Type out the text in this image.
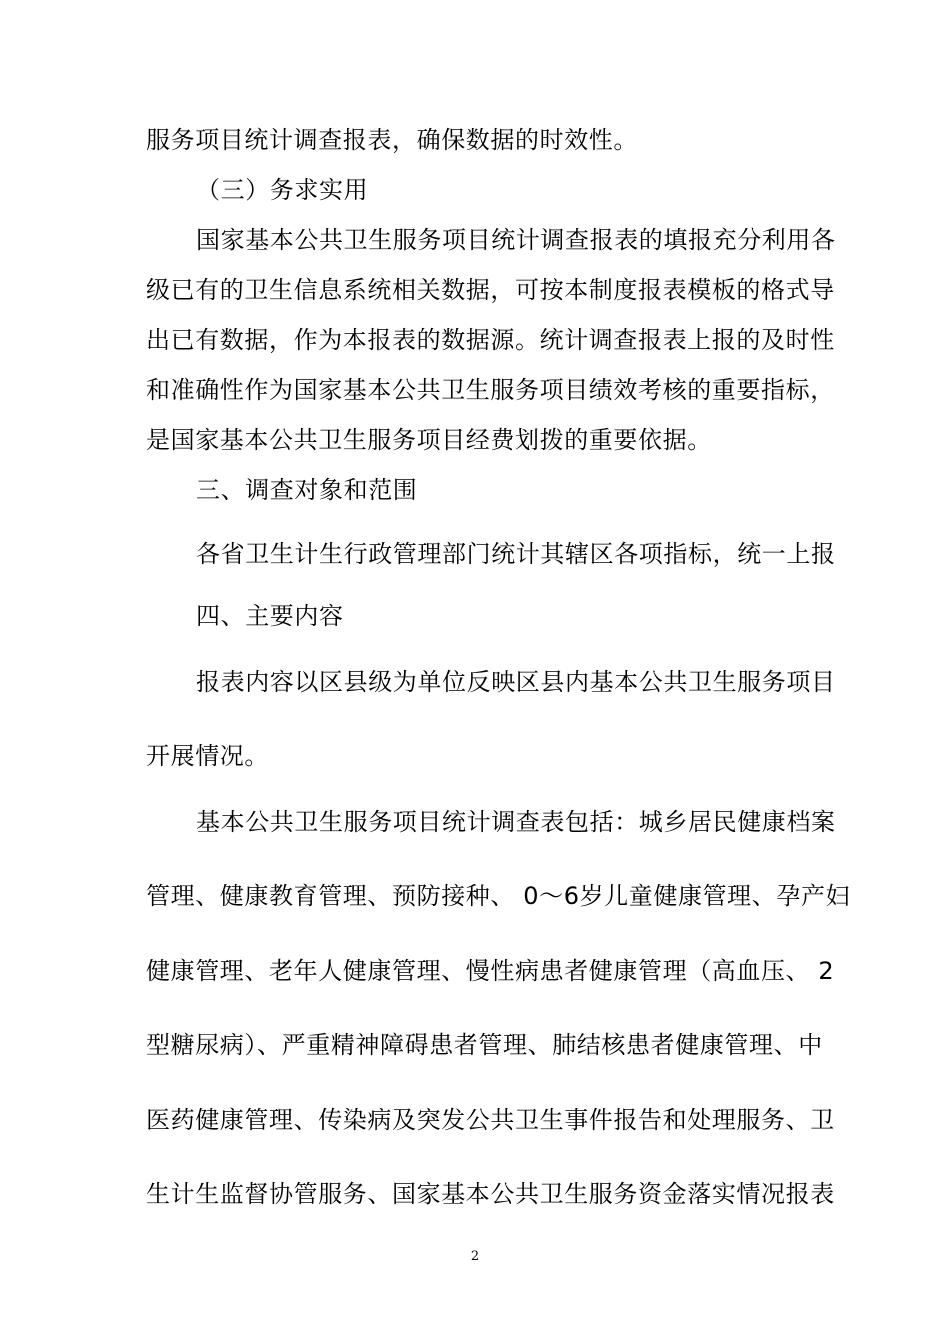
服务项目统计调查报表，确保数据的时效性。
（三）务求实用
国家基本公共卫生服务项目统计调查报表的填报充分利用各
级已有的卫生信息系统相关数据，可按本制度报表模板的格式导
出已有数据，作为本报表的数据源。统计调查报表上报的及时性
和准确性作为国家基本公共卫生服务项目绩效考核的重要指标，
是国家基本公共卫生服务项目经费划拨的重要依据。
三、调查对象和范围
各省卫生计生行政管理部门统计其辖区各项指标，统一上报
四、主要内容
报表内容以区县级为单位反映区县内基本公共卫生服务项目
开展情况。
基本公共卫生服务项目统计调查表包括：城乡居民健康档案
管理、健康教育管理、预防接种、 0～6岁儿童健康管理、孕产妇
健康管理、老年人健康管理、慢性病患者健康管理（高血压、 2
型糖尿病）、严重精神障碍患者管理、肺结核患者健康管理、中
医药健康管理、传染病及突发公共卫生事件报告和处理服务、卫
生计生监督协管服务、国家基本公共卫生服务资金落实情况报表
2
